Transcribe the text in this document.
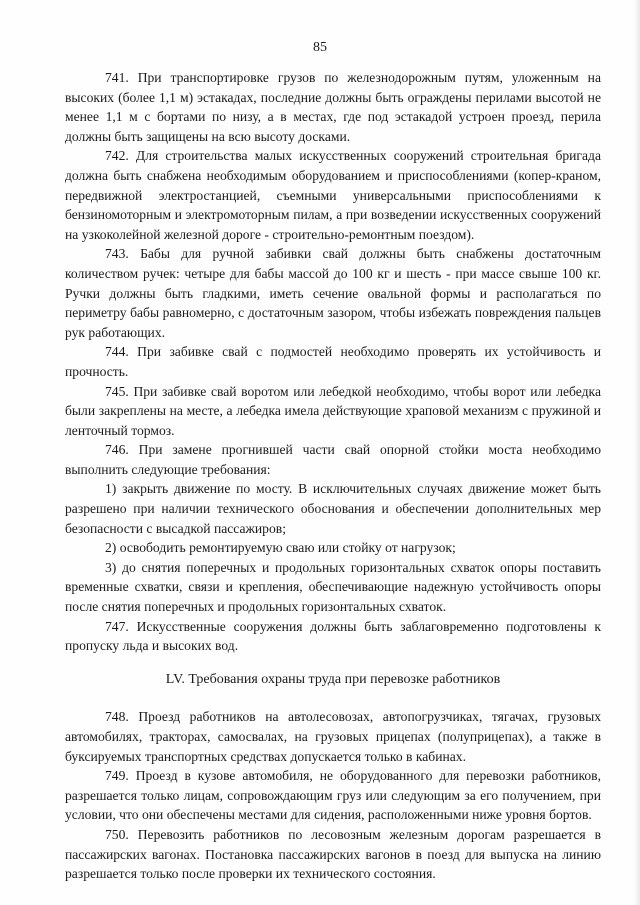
85

741. При транспортировке грузов по железнодорожным путям, уложенным на высоких (более 1,1 м) эстакадах, последние должны быть ограждены перилами высотой не менее 1,1 м с бортами по низу, а в местах, где под эстакадой устроен проезд, перила должны быть защищены на всю высоту досками.

742. Для строительства малых искусственных сооружений строительная бригада должна быть снабжена необходимым оборудованием и приспособлениями (копер-краном, передвижной электростанцией, съемными универсальными приспособлениями к бензиномоторным и электромоторным пилам, а при возведении искусственных сооружений на узкоколейной железной дороге - строительно-ремонтным поездом).

743. Бабы для ручной забивки свай должны быть снабжены достаточным количеством ручек: четыре для бабы массой до 100 кг и шесть - при массе свыше 100 кг. Ручки должны быть гладкими, иметь сечение овальной формы и располагаться по периметру бабы равномерно, с достаточным зазором, чтобы избежать повреждения пальцев рук работающих.

744. При забивке свай с подмостей необходимо проверять их устойчивость и прочность.

745. При забивке свай воротом или лебедкой необходимо, чтобы ворот или лебедка были закреплены на месте, а лебедка имела действующие храповой механизм с пружиной и ленточный тормоз.

746. При замене прогнившей части свай опорной стойки моста необходимо выполнить следующие требования:

1) закрыть движение по мосту. В исключительных случаях движение может быть разрешено при наличии технического обоснования и обеспечении дополнительных мер безопасности с высадкой пассажиров;

2) освободить ремонтируемую сваю или стойку от нагрузок;

3) до снятия поперечных и продольных горизонтальных схваток опоры поставить временные схватки, связи и крепления, обеспечивающие надежную устойчивость опоры после снятия поперечных и продольных горизонтальных схваток.

747. Искусственные сооружения должны быть заблаговременно подготовлены к пропуску льда и высоких вод.

LV. Требования охраны труда при перевозке работников

748. Проезд работников на автолесовозах, автопогрузчиках, тягачах, грузовых автомобилях, тракторах, самосвалах, на грузовых прицепах (полуприцепах), а также в буксируемых транспортных средствах допускается только в кабинах.

749. Проезд в кузове автомобиля, не оборудованного для перевозки работников, разрешается только лицам, сопровождающим груз или следующим за его получением, при условии, что они обеспечены местами для сидения, расположенными ниже уровня бортов.

750. Перевозить работников по лесовозным железным дорогам разрешается в пассажирских вагонах. Постановка пассажирских вагонов в поезд для выпуска на линию разрешается только после проверки их технического состояния.
